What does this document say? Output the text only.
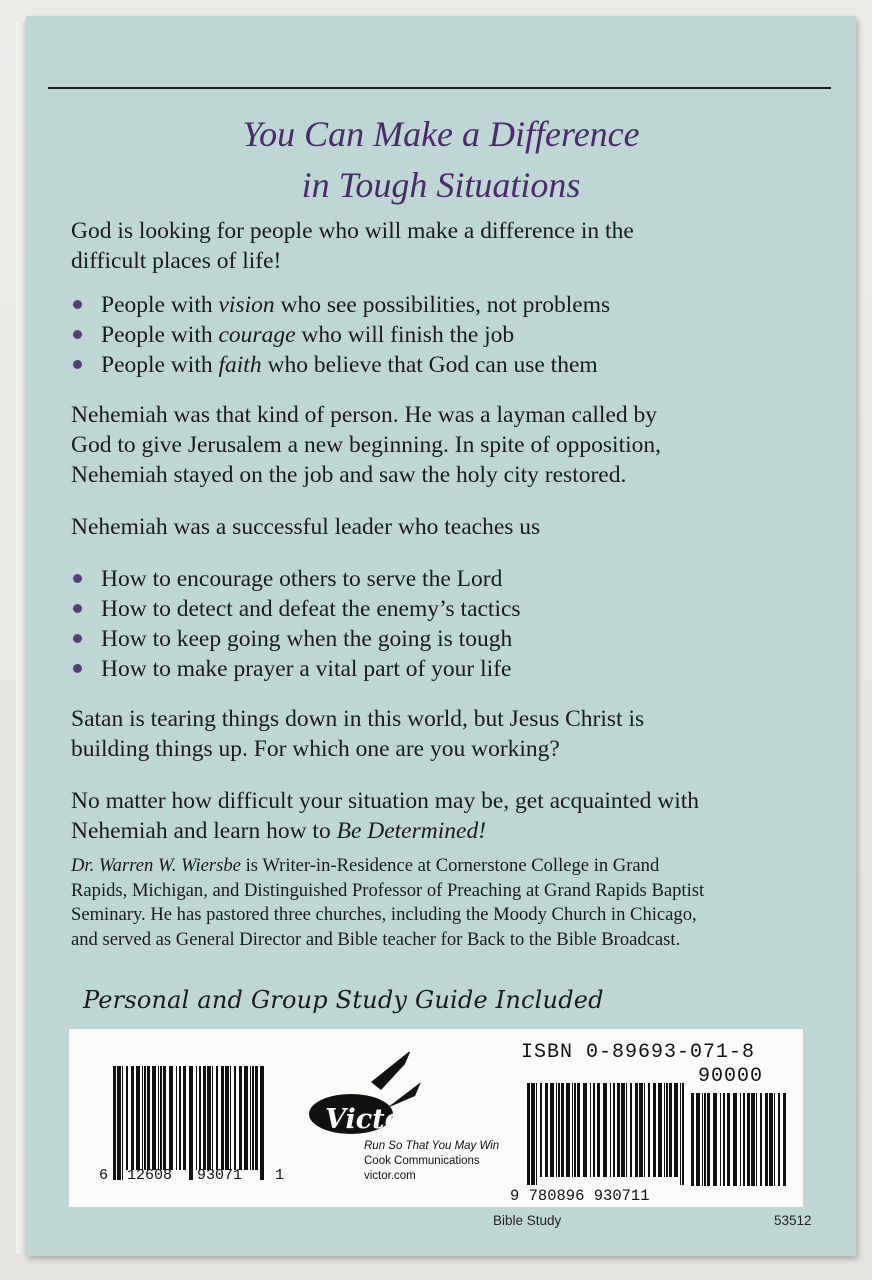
You Can Make a Difference
in Tough Situations

God is looking for people who will make a difference in the

difficult places of life!

People with vision who see possibilities, not problems
People with courage who will finish the job
People with faith who believe that God can use them

Nehemiah was that kind of person. He was a layman called by

God to give Jerusalem a new beginning. In spite of opposition,

Nehemiah stayed on the job and saw the holy city restored.

Nehemiah was a successful leader who teaches us

How to encourage others to serve the Lord
How to detect and defeat the enemy’s tactics
How to keep going when the going is tough
How to make prayer a vital part of your life

Satan is tearing things down in this world, but Jesus Christ is

building things up. For which one are you working?

No matter how difficult your situation may be, get acquainted with

Nehemiah and learn how to Be Determined!

Dr. Warren W. Wiersbe is Writer-in-Residence at Cornerstone College in Grand
Rapids, Michigan, and Distinguished Professor of Preaching at Grand Rapids Baptist
Seminary. He has pastored three churches, including the Moody Church in Chicago,
and served as General Director and Bible teacher for Back to the Bible Broadcast.
Personal and Group Study Guide Included
6 12608 93071 1
Victor
Run So That You May Win
Cook Communications
victor.com
ISBN 0-89693-071-8
90000
9 780896 930711
Bible Study	53512
